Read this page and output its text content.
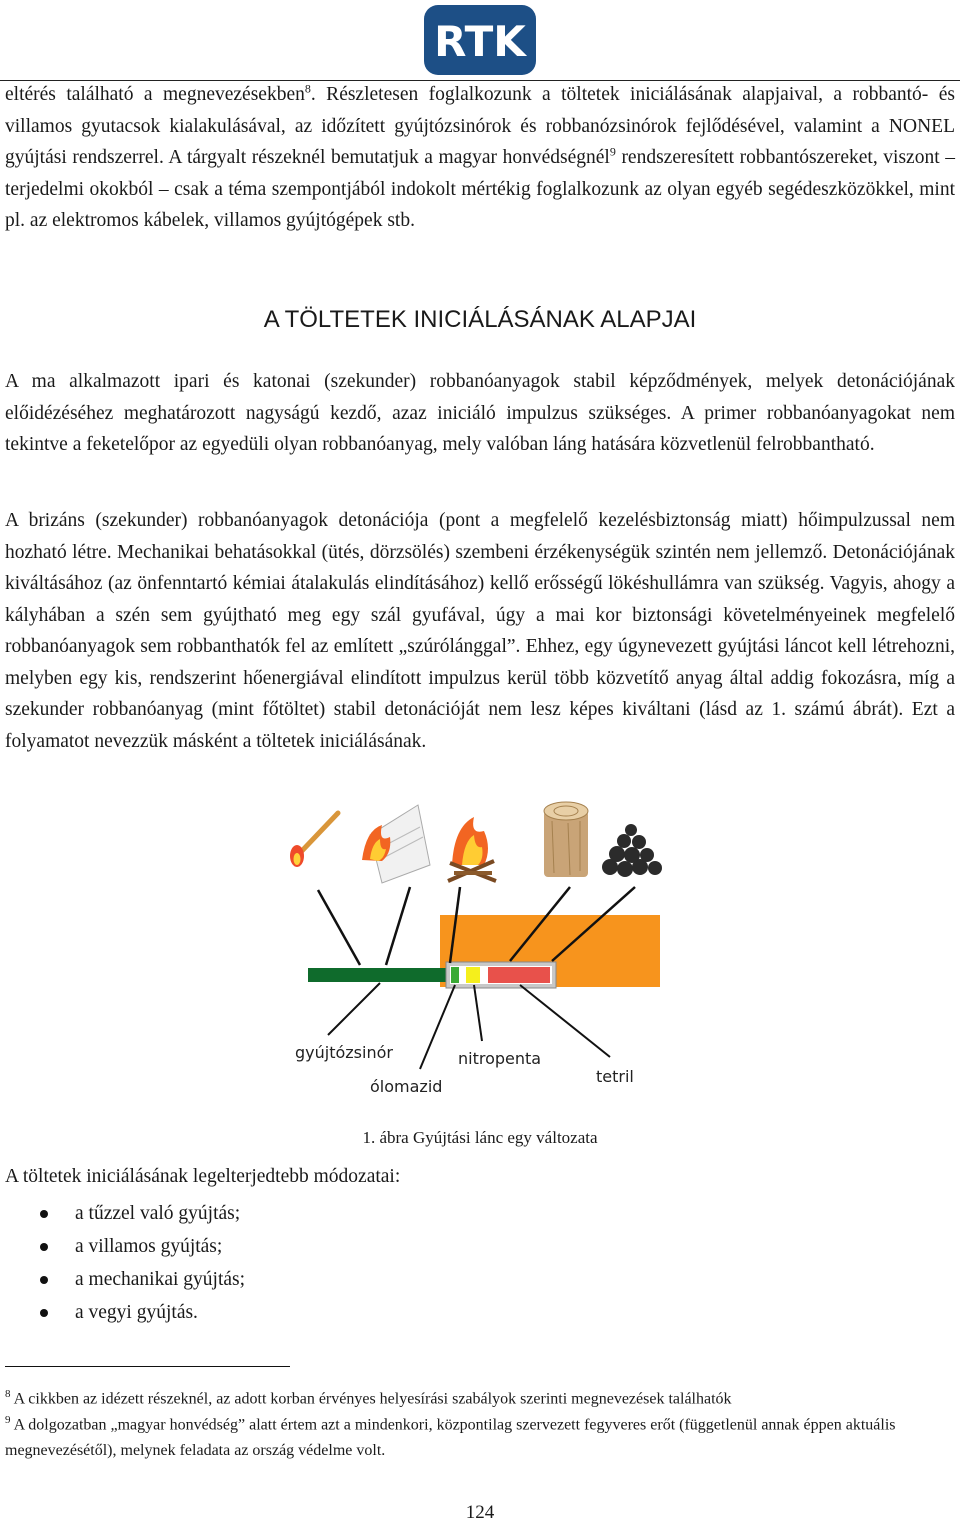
RTK

eltérés található a megnevezésekben$^8$. Részletesen foglalkozunk a töltetek iniciálásának alapjaival, a robbantó- és villamos gyutacsok kialakulásával, az időzített gyújtózsinórok és robbanózsinórok fejlődésével, valamint a NONEL gyújtási rendszerrel. A tárgyalt részeknél bemutatjuk a magyar honvédségnél$^9$ rendszeresített robbantószereket, viszont – terjedelmi okokból – csak a téma szempontjából indokolt mértékig foglalkozunk az olyan egyéb segédeszközökkel, mint pl. az elektromos kábelek, villamos gyújtógépek stb.

A TÖLTETEK INICIÁLÁSÁNAK ALAPJAI

A ma alkalmazott ipari és katonai (szekunder) robbanóanyagok stabil képződmények, melyek detonációjának előidézéséhez meghatározott nagyságú kezdő, azaz iniciáló impulzus szükséges. A primer robbanóanyagokat nem tekintve a feketelőpor az egyedüli olyan robbanóanyag, mely valóban láng hatására közvetlenül felrobbantható.

A brizáns (szekunder) robbanóanyagok detonációja (pont a megfelelő kezelésbiztonság miatt) hőimpulzussal nem hozható létre. Mechanikai behatásokkal (ütés, dörzsölés) szembeni érzékenységük szintén nem jellemző. Detonációjának kiváltásához (az önfenntartó kémiai átalakulás elindításához) kellő erősségű lökéshullámra van szükség. Vagyis, ahogy a kályhában a szén sem gyújtható meg egy szál gyufával, úgy a mai kor biztonsági követelményeinek megfelelő robbanóanyagok sem robbanthatók fel az említett „szúrólánggal”. Ehhez, egy úgynevezett gyújtási láncot kell létrehozni, melyben egy kis, rendszerint hőenergiával elindított impulzus kerül több közvetítő anyag által addig fokozásra, míg a szekunder robbanóanyag (mint főtöltet) stabil detonációját nem lesz képes kiváltani (lásd az 1. számú ábrát). Ezt a folyamatot nevezzük másként a töltetek iniciálásának.

gyújtózsinór
ólomazid
nitropenta
tetril
1. ábra Gyújtási lánc egy változata
A töltetek iniciálásának legelterjedtebb módozatai:
a tűzzel való gyújtás;
a villamos gyújtás;
a mechanikai gyújtás;
a vegyi gyújtás.

$^8$ A cikkben az idézett részeknél, az adott korban érvényes helyesírási szabályok szerinti megnevezések találhatók

$^9$ A dolgozatban „magyar honvédség” alatt értem azt a mindenkori, központilag szervezett fegyveres erőt (függetlenül annak éppen aktuális megnevezésétől), melynek feladata az ország védelme volt.

124
